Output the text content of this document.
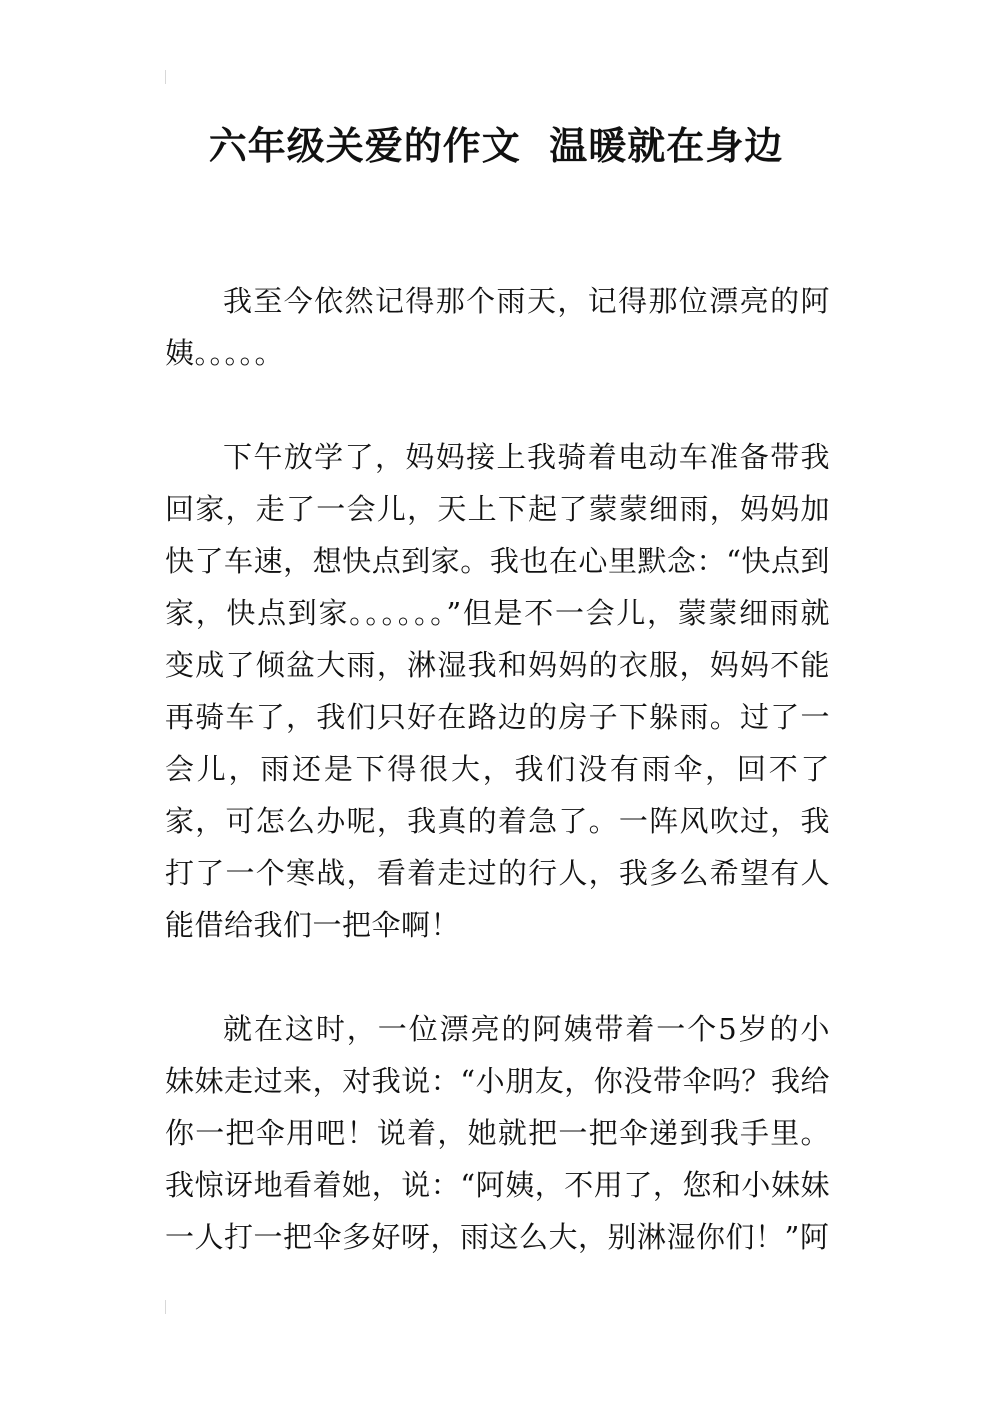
六年级关爱的作文  温暖就在身边

我至今依然记得那个雨天，记得那位漂亮的阿姨。。。。。

下午放学了，妈妈接上我骑着电动车准备带我回家，走了一会儿，天上下起了蒙蒙细雨，妈妈加快了车速，想快点到家。我也在心里默念：“快点到家，快点到家。。。。。。”但是不一会儿，蒙蒙细雨就变成了倾盆大雨，淋湿我和妈妈的衣服，妈妈不能再骑车了，我们只好在路边的房子下躲雨。过了一会儿，雨还是下得很大，我们没有雨伞，回不了家，可怎么办呢，我真的着急了。一阵风吹过，我打了一个寒战，看着走过的行人，我多么希望有人能借给我们一把伞啊！

就在这时，一位漂亮的阿姨带着一个5岁的小妹妹走过来，对我说：“小朋友，你没带伞吗？我给你一把伞用吧！说着，她就把一把伞递到我手里。我惊讶地看着她，说：“阿姨，不用了，您和小妹妹一人打一把伞多好呀，雨这么大，别淋湿你们！”阿
